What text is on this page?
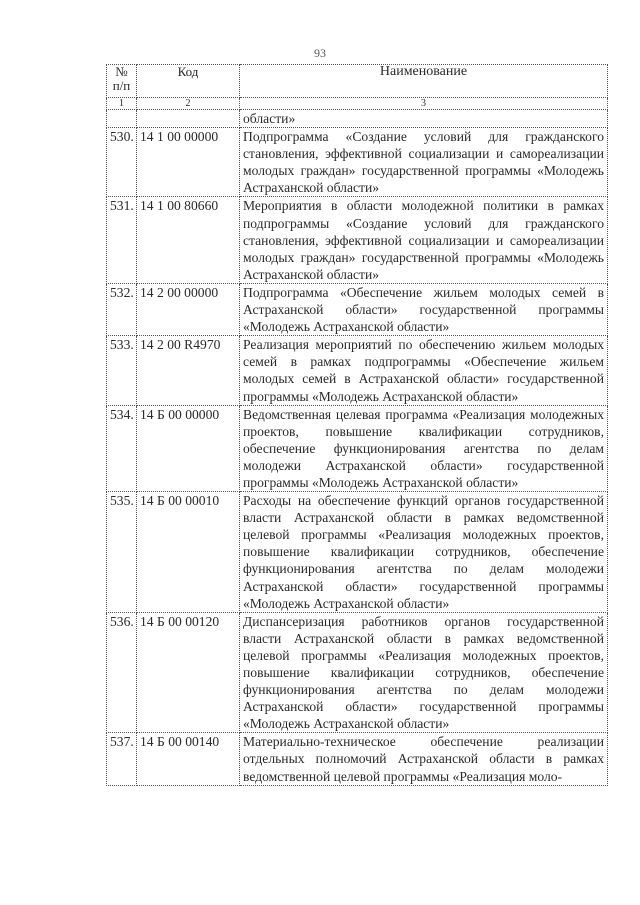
93
№ п/п	Код	Наименование
1	2	3
		области»
530.	14 1 00 00000	Подпрограмма «Создание условий для гражданского становления, эффективной социализации и самореализации молодых граждан» государственной программы «Молодежь Астраханской области»
531.	14 1 00 80660	Мероприятия в области молодежной политики в рамках подпрограммы «Создание условий для гражданского становления, эффективной социализации и самореализации молодых граждан» государственной программы «Молодежь Астраханской области»
532.	14 2 00 00000	Подпрограмма «Обеспечение жильем молодых семей в Астраханской области» государственной программы «Молодежь Астраханской области»
533.	14 2 00 R4970	Реализация мероприятий по обеспечению жильем молодых семей в рамках подпрограммы «Обеспечение жильем молодых семей в Астраханской области» государственной программы «Молодежь Астраханской области»
534.	14 Б 00 00000	Ведомственная целевая программа «Реализация молодежных проектов, повышение квалификации сотрудников, обеспечение функционирования агентства по делам молодежи Астраханской области» государственной программы «Молодежь Астраханской области»
535.	14 Б 00 00010	Расходы на обеспечение функций органов государственной власти Астраханской области в рамках ведомственной целевой программы «Реализация молодежных проектов, повышение квалификации сотрудников, обеспечение функционирования агентства по делам молодежи Астраханской области» государственной программы «Молодежь Астраханской области»
536.	14 Б 00 00120	Диспансеризация работников органов государственной власти Астраханской области в рамках ведомственной целевой программы «Реализация молодежных проектов, повышение квалификации сотрудников, обеспечение функционирования агентства по делам молодежи Астраханской области» государственной программы «Молодежь Астраханской области»
537.	14 Б 00 00140	Материально-техническое обеспечение реализации отдельных полномочий Астраханской области в рамках ведомственной целевой программы «Реализация моло-
